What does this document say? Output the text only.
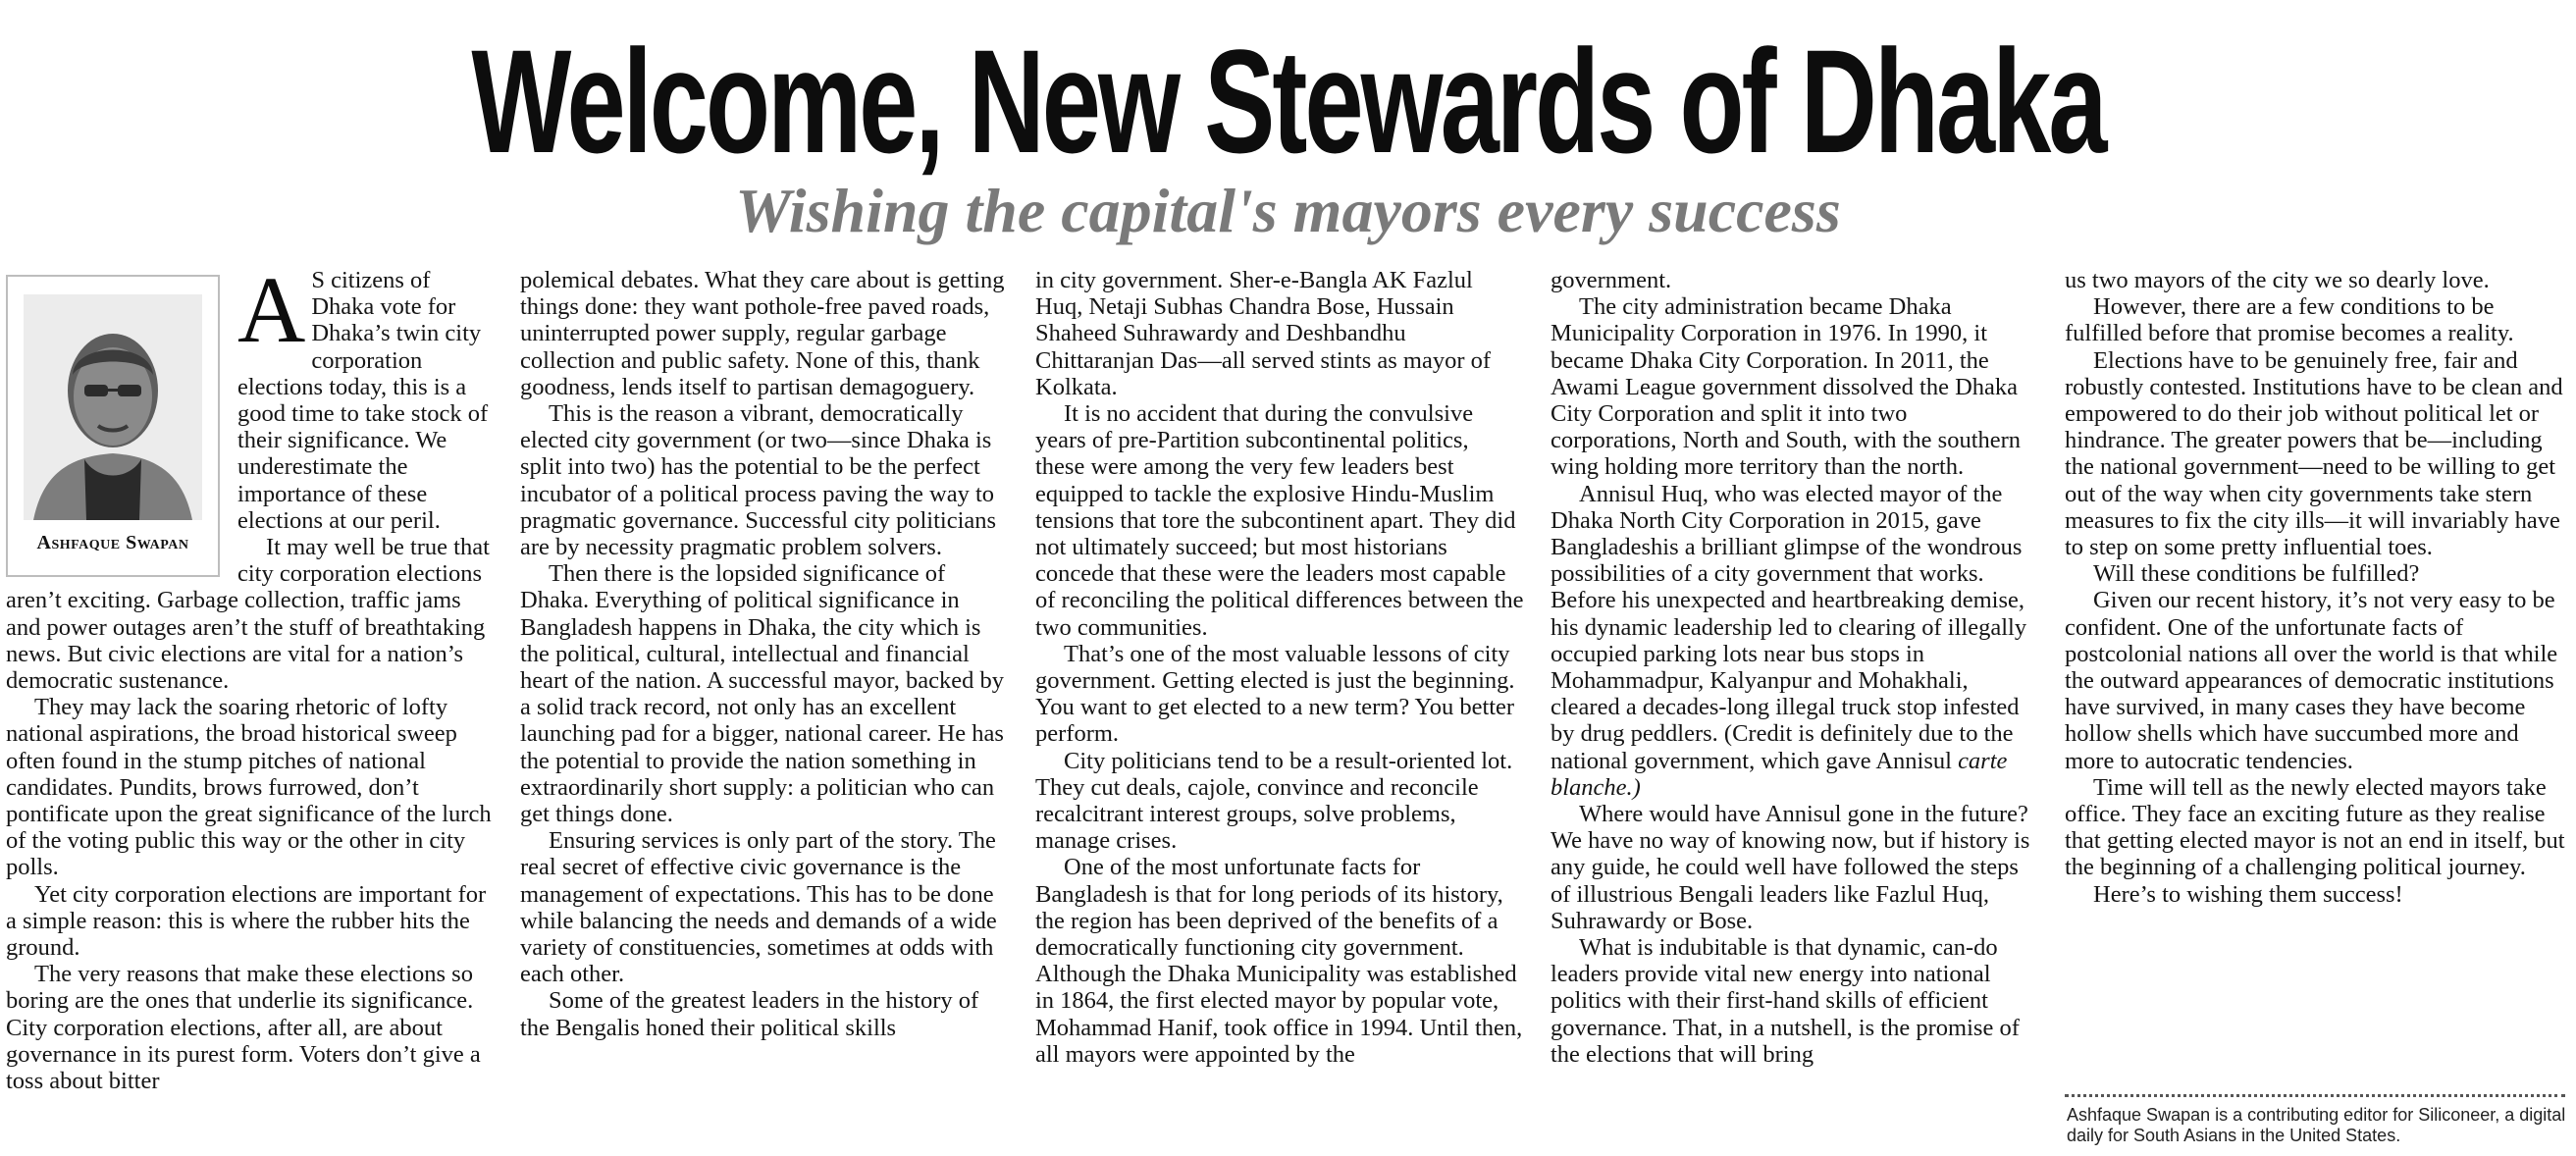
Welcome, New Stewards of Dhaka
Wishing the capital's mayors every success
Ashfaque Swapan

A S citizens of Dhaka vote for Dhaka’s twin city corporation elections today, this is a good time to take stock of their significance. We underestimate the importance of these elections at our peril.

It may well be true that city corporation elections aren’t exciting. Garbage collection, traffic jams and power outages aren’t the stuff of breathtaking news. But civic elections are vital for a nation’s democratic sustenance.

They may lack the soaring rhetoric of lofty national aspirations, the broad historical sweep often found in the stump pitches of national candidates. Pundits, brows furrowed, don’t pontificate upon the great significance of the lurch of the voting public this way or the other in city polls.

Yet city corporation elections are important for a simple reason: this is where the rubber hits the ground.

The very reasons that make these elections so boring are the ones that underlie its significance. City corporation elections, after all, are about governance in its purest form. Voters don’t give a toss about bitter

polemical debates. What they care about is getting things done: they want pothole-free paved roads, uninterrupted power supply, regular garbage collection and public safety. None of this, thank goodness, lends itself to partisan demagoguery.

This is the reason a vibrant, democratically elected city government (or two—since Dhaka is split into two) has the potential to be the perfect incubator of a political process paving the way to pragmatic governance. Successful city politicians are by necessity pragmatic problem solvers.

Then there is the lopsided significance of Dhaka. Everything of political significance in Bangladesh happens in Dhaka, the city which is the political, cultural, intellectual and financial heart of the nation. A successful mayor, backed by a solid track record, not only has an excellent launching pad for a bigger, national career. He has the potential to provide the nation something in extraordinarily short supply: a politician who can get things done.

Ensuring services is only part of the story. The real secret of effective civic governance is the management of expectations. This has to be done while balancing the needs and demands of a wide variety of constituencies, sometimes at odds with each other.

Some of the greatest leaders in the history of the Bengalis honed their political skills

in city government. Sher-e-Bangla AK Fazlul Huq, Netaji Subhas Chandra Bose, Hussain Shaheed Suhrawardy and Deshbandhu Chittaranjan Das—all served stints as mayor of Kolkata.

It is no accident that during the convulsive years of pre-Partition subcontinental politics, these were among the very few leaders best equipped to tackle the explosive Hindu-Muslim tensions that tore the subcontinent apart. They did not ultimately succeed; but most historians concede that these were the leaders most capable of reconciling the political differences between the two communities.

That’s one of the most valuable lessons of city government. Getting elected is just the beginning. You want to get elected to a new term? You better perform.

City politicians tend to be a result-oriented lot. They cut deals, cajole, convince and reconcile recalcitrant interest groups, solve problems, manage crises.

One of the most unfortunate facts for Bangladesh is that for long periods of its history, the region has been deprived of the benefits of a democratically functioning city government. Although the Dhaka Municipality was established in 1864, the first elected mayor by popular vote, Mohammad Hanif, took office in 1994. Until then, all mayors were appointed by the

government.

The city administration became Dhaka Municipality Corporation in 1976. In 1990, it became Dhaka City Corporation. In 2011, the Awami League government dissolved the Dhaka City Corporation and split it into two corporations, North and South, with the southern wing holding more territory than the north.

Annisul Huq, who was elected mayor of the Dhaka North City Corporation in 2015, gave Bangladeshis a brilliant glimpse of the wondrous possibilities of a city government that works. Before his unexpected and heartbreaking demise, his dynamic leadership led to clearing of illegally occupied parking lots near bus stops in Mohammadpur, Kalyanpur and Mohakhali, cleared a decades-long illegal truck stop infested by drug peddlers. (Credit is definitely due to the national government, which gave Annisul carte blanche.)

Where would have Annisul gone in the future? We have no way of knowing now, but if history is any guide, he could well have followed the steps of illustrious Bengali leaders like Fazlul Huq, Suhrawardy or Bose.

What is indubitable is that dynamic, can-do leaders provide vital new energy into national politics with their first-hand skills of efficient governance. That, in a nutshell, is the promise of the elections that will bring

us two mayors of the city we so dearly love.

However, there are a few conditions to be fulfilled before that promise becomes a reality.

Elections have to be genuinely free, fair and robustly contested. Institutions have to be clean and empowered to do their job without political let or hindrance. The greater powers that be—including the national government—need to be willing to get out of the way when city governments take stern measures to fix the city ills—it will invariably have to step on some pretty influential toes.

Will these conditions be fulfilled?

Given our recent history, it’s not very easy to be confident. One of the unfortunate facts of postcolonial nations all over the world is that while the outward appearances of democratic institutions have survived, in many cases they have become hollow shells which have succumbed more and more to autocratic tendencies.

Time will tell as the newly elected mayors take office. They face an exciting future as they realise that getting elected mayor is not an end in itself, but the beginning of a challenging political journey.

Here’s to wishing them success!

Ashfaque Swapan is a contributing editor for Siliconeer, a digital daily for South Asians in the United States.
